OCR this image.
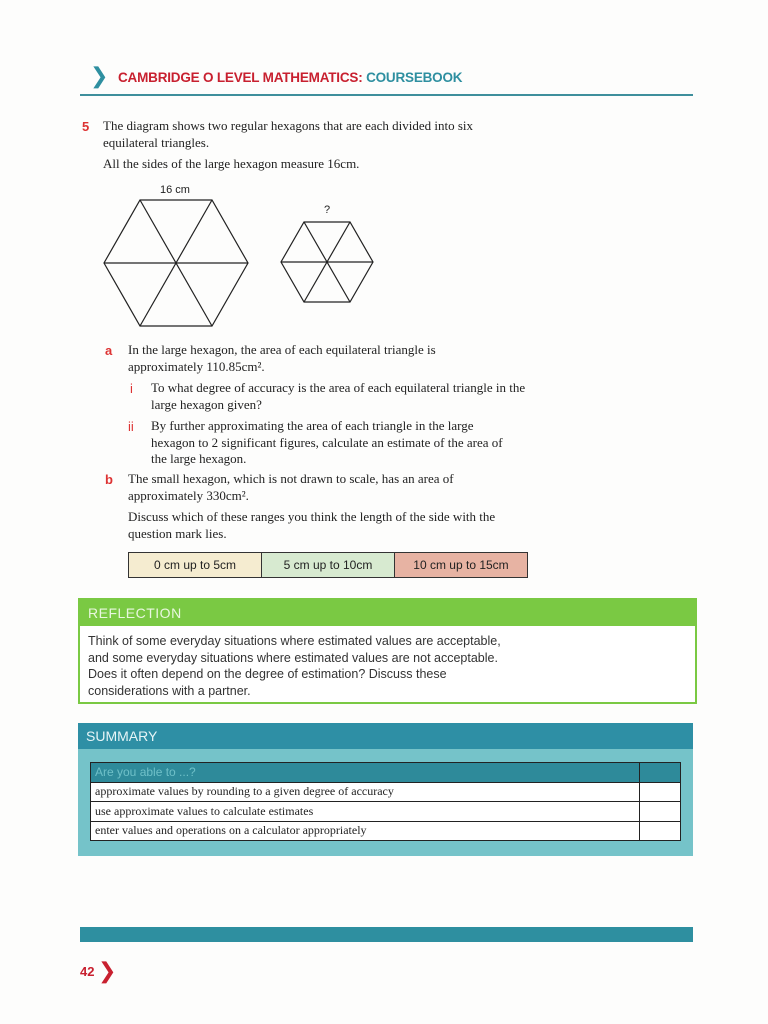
❯ CAMBRIDGE O LEVEL MATHEMATICS: COURSEBOOK
5 The diagram shows two regular hexagons that are each divided into six
equilateral triangles.
All the sides of the large hexagon measure 16cm.
16 cm
?
a In the large hexagon, the area of each equilateral triangle is
approximately 110.85cm².
i To what degree of accuracy is the area of each equilateral triangle in the
large hexagon given?
ii By further approximating the area of each triangle in the large
hexagon to 2 significant figures, calculate an estimate of the area of
the large hexagon.
b The small hexagon, which is not drawn to scale, has an area of
approximately 330cm².
Discuss which of these ranges you think the length of the side with the
question mark lies.
0 cm up to 5cm	5 cm up to 10cm	10 cm up to 15cm
REFLECTION
Think of some everyday situations where estimated values are acceptable,
and some everyday situations where estimated values are not acceptable.
Does it often depend on the degree of estimation? Discuss these
considerations with a partner.
SUMMARY
Are you able to ...?	
approximate values by rounding to a given degree of accuracy	
use approximate values to calculate estimates	
enter values and operations on a calculator appropriately	
42 ❯
